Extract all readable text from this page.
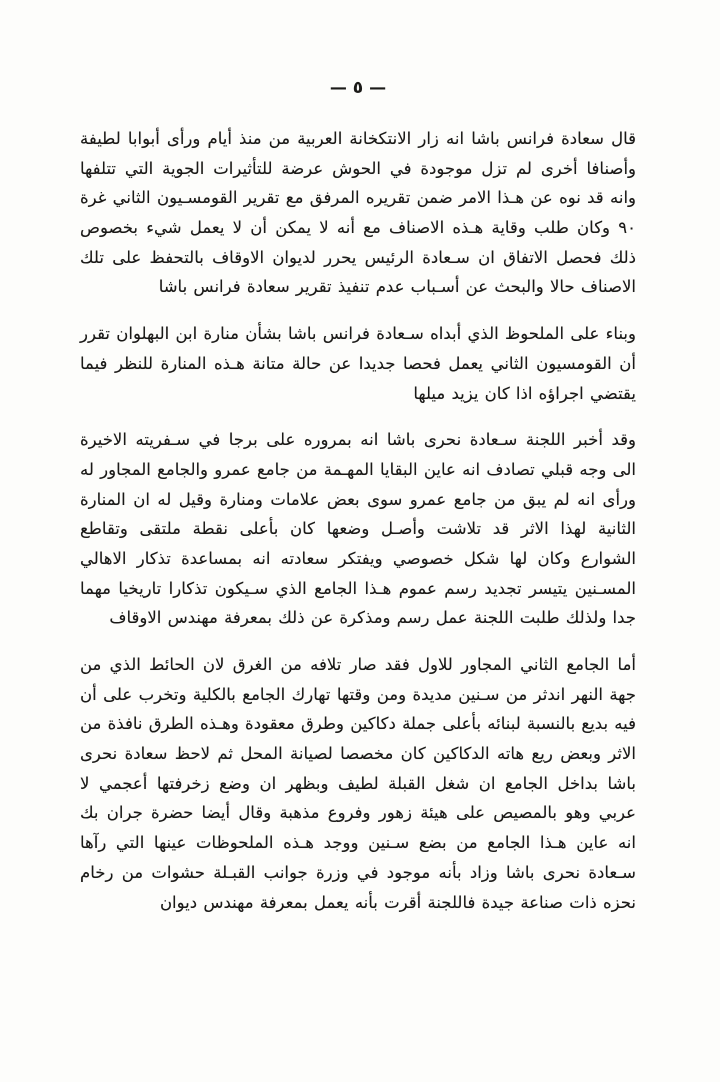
— ٥ —

قال سعادة فرانس باشا انه زار الانتكخانة العربية من منذ أيام ورأى أبوابا لطيفة وأصنافا أخرى لم تزل موجودة في الحوش عرضة للتأثيرات الجوية التي تتلفها وانه قد نوه عن هـذا الامر ضمن تقريره المرفق مع تقرير القومسـيون الثاني غرة ٩٠ وكان طلب وقاية هـذه الاصناف مع أنه لا يمكن أن لا يعمل شيء بخصوص ذلك فحصل الاتفاق ان سـعادة الرئيس يحرر لديوان الاوقاف بالتحفظ على تلك الاصناف حالا والبحث عن أسـباب عدم تنفيذ تقرير سعادة فرانس باشا

وبناء على الملحوظ الذي أبداه سـعادة فرانس باشا بشأن منارة ابن البهلوان تقرر أن القومسيون الثاني يعمل فحصا جديدا عن حالة متانة هـذه المنارة للنظر فيما يقتضي اجراؤه اذا كان يزيد ميلها

وقد أخبر اللجنة سـعادة نحرى باشا انه بمروره على برجا في سـفريته الاخيرة الى وجه قبلي تصادف انه عاين البقايا المهـمة من جامع عمرو والجامع المجاور له ورأى انه لم يبق من جامع عمرو سوى بعض علامات ومنارة وقيل له ان المنارة الثانية لهذا الاثر قد تلاشت وأصـل وضعها كان بأعلى نقطة ملتقى وتقاطع الشوارع وكان لها شكل خصوصي ويفتكر سعادته انه بمساعدة تذكار الاهالي المسـنين يتيسر تجديد رسم عموم هـذا الجامع الذي سـيكون تذكارا تاريخيا مهما جدا ولذلك طلبت اللجنة عمل رسم ومذكرة عن ذلك بمعرفة مهندس الاوقاف

أما الجامع الثاني المجاور للاول فقد صار تلافه من الغرق لان الحائط الذي من جهة النهر اندثر من سـنين مديدة ومن وقتها تهارك الجامع بالكلية وتخرب على أن فيه بديع بالنسبة لبنائه بأعلى جملة دكاكين وطرق معقودة وهـذه الطرق نافذة من الاثر وبعض ريع هاته الدكاكين كان مخصصا لصيانة المحل ثم لاحظ سعادة نحرى باشا بداخل الجامع ان شغل القبلة لطيف وبظهر ان وضع زخرفتها أعجمي لا عربي وهو بالمصيص على هيئة زهور وفروع مذهبة وقال أيضا حضرة جران بك انه عاين هـذا الجامع من بضع سـنين ووجد هـذه الملحوظات عينها التي رآها سـعادة نحرى باشا وزاد بأنه موجود في وزرة جوانب القبـلة حشوات من رخام نحزه ذات صناعة جيدة فاللجنة أقرت بأنه يعمل بمعرفة مهندس ديوان
